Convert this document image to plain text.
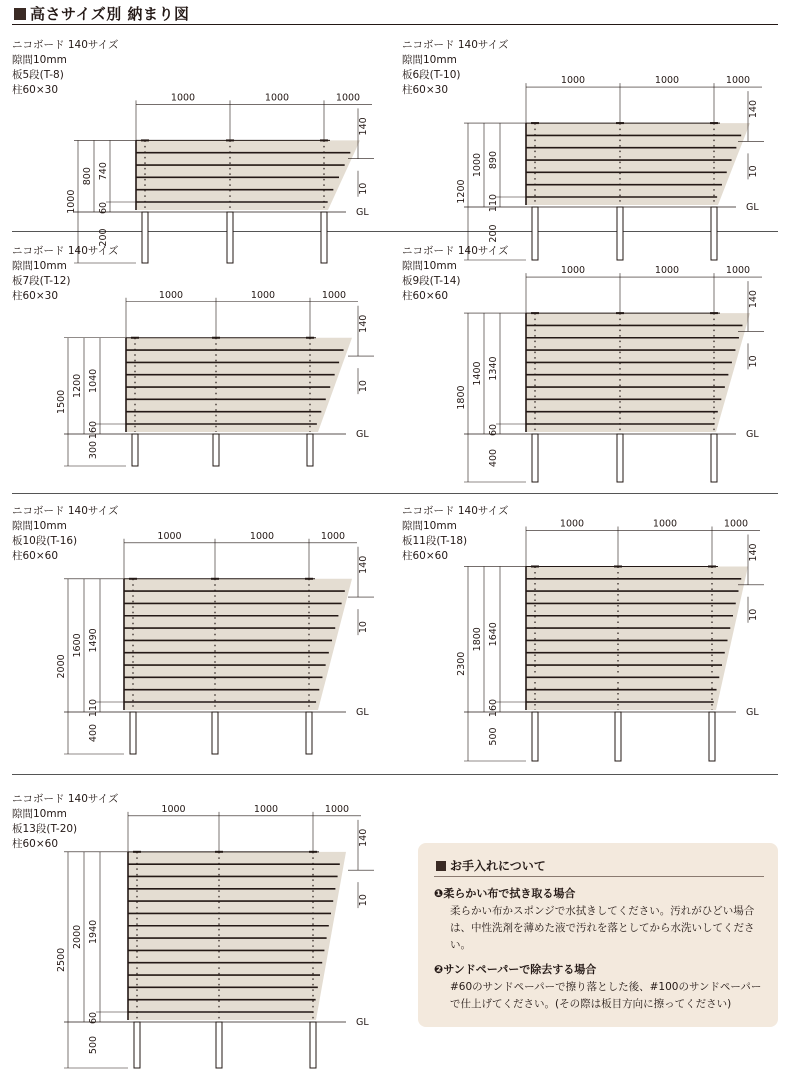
高さサイズ別 納まり図
ニコボード 140サイズ
隙間10mm
板5段(T-8)
柱60×30
GL
1000	1000	1000
140
10
1000
800 740
60
200
ニコボード 140サイズ
隙間10mm
板6段(T-10)
柱60×30
GL
1000	1000	1000
140
10
1200
1000 890
110
200
ニコボード 140サイズ
隙間10mm
板7段(T-12)
柱60×30
GL
1000	1000	1000
140
10
1500
1200 1040
160
300
ニコボード 140サイズ
隙間10mm
板9段(T-14)
柱60×60
GL
1000	1000	1000
140
10
1800
1400 1340
60
400
ニコボード 140サイズ
隙間10mm
板10段(T-16)
柱60×60
GL
1000	1000	1000
140
10
2000
1600 1490
110
400
ニコボード 140サイズ
隙間10mm
板11段(T-18)
柱60×60
GL
1000	1000	1000
140
10
2300
1800 1640
160
500
ニコボード 140サイズ
隙間10mm
板13段(T-20)
柱60×60
GL
1000	1000	1000
140
10
2500
2000 1940
60
500
お手入れについて
❶柔らかい布で拭き取る場合
柔らかい布かスポンジで水拭きしてください。汚れがひどい場合は、中性洗剤を薄めた液で汚れを落としてから水洗いしてください。
❷サンドペーパーで除去する場合
#60のサンドペーパーで擦り落とした後、#100のサンドペーパーで仕上げてください。(その際は板目方向に擦ってください)
